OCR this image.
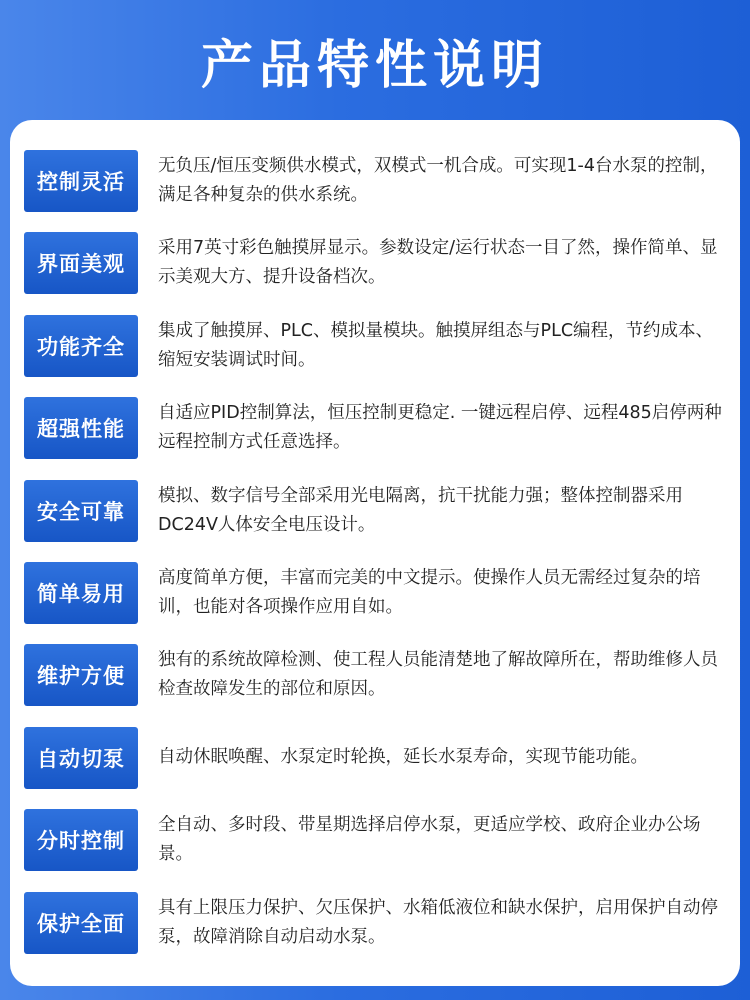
产品特性说明
控制灵活
无负压/恒压变频供水模式，双模式一机合成。可实现1-4台水泵的控制，满足各种复杂的供水系统。
界面美观
采用7英寸彩色触摸屏显示。参数设定/运行状态一目了然，操作简单、显示美观大方、提升设备档次。
功能齐全
集成了触摸屏、PLC、模拟量模块。触摸屏组态与PLC编程，节约成本、缩短安装调试时间。
超强性能
自适应PID控制算法，恒压控制更稳定. 一键远程启停、远程485启停两种远程控制方式任意选择。
安全可靠
模拟、数字信号全部采用光电隔离，抗干扰能力强；整体控制器采用DC24V人体安全电压设计。
简单易用
高度简单方便，丰富而完美的中文提示。使操作人员无需经过复杂的培训，也能对各项操作应用自如。
维护方便
独有的系统故障检测、使工程人员能清楚地了解故障所在，帮助维修人员检查故障发生的部位和原因。
自动切泵	自动休眠唤醒、水泵定时轮换，延长水泵寿命，实现节能功能。
分时控制
全自动、多时段、带星期选择启停水泵，更适应学校、政府企业办公场景。
保护全面
具有上限压力保护、欠压保护、水箱低液位和缺水保护，启用保护自动停泵，故障消除自动启动水泵。
